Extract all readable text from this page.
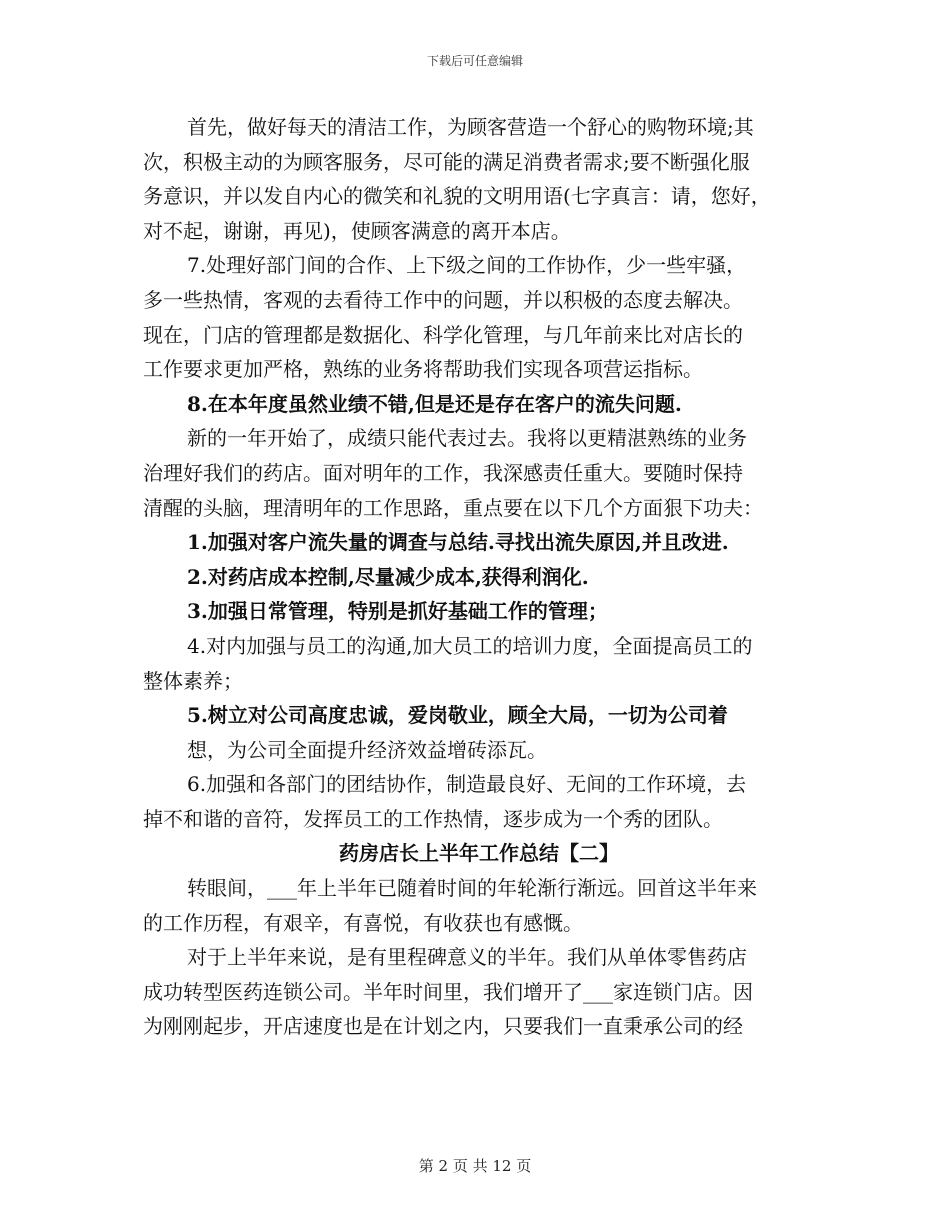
下载后可任意编辑
首先，做好每天的清洁工作，为顾客营造一个舒心的购物环境;其
次，积极主动的为顾客服务，尽可能的满足消费者需求;要不断强化服
务意识，并以发自内心的微笑和礼貌的文明用语(七字真言：请，您好，
对不起，谢谢，再见)，使顾客满意的离开本店。
7.处理好部门间的合作、上下级之间的工作协作，少一些牢骚，
多一些热情，客观的去看待工作中的问题，并以积极的态度去解决。
现在，门店的管理都是数据化、科学化管理，与几年前来比对店长的
工作要求更加严格，熟练的业务将帮助我们实现各项营运指标。
8.在本年度虽然业绩不错,但是还是存在客户的流失问题.
新的一年开始了，成绩只能代表过去。我将以更精湛熟练的业务
治理好我们的药店。面对明年的工作，我深感责任重大。要随时保持
清醒的头脑，理清明年的工作思路，重点要在以下几个方面狠下功夫：
1.加强对客户流失量的调查与总结.寻找出流失原因,并且改进.
2.对药店成本控制,尽量减少成本,获得利润化.
3.加强日常管理，特别是抓好基础工作的管理；
4.对内加强与员工的沟通,加大员工的培训力度，全面提高员工的
整体素养；
5.树立对公司高度忠诚，爱岗敬业，顾全大局，一切为公司着
想，为公司全面提升经济效益增砖添瓦。
6.加强和各部门的团结协作，制造最良好、无间的工作环境，去
掉不和谐的音符，发挥员工的工作热情，逐步成为一个秀的团队。
药房店长上半年工作总结【二】
转眼间，___年上半年已随着时间的年轮渐行渐远。回首这半年来
的工作历程，有艰辛，有喜悦，有收获也有感慨。
对于上半年来说，是有里程碑意义的半年。我们从单体零售药店
成功转型医药连锁公司。半年时间里，我们增开了___家连锁门店。因
为刚刚起步，开店速度也是在计划之内，只要我们一直秉承公司的经
第 2 页 共 12 页
